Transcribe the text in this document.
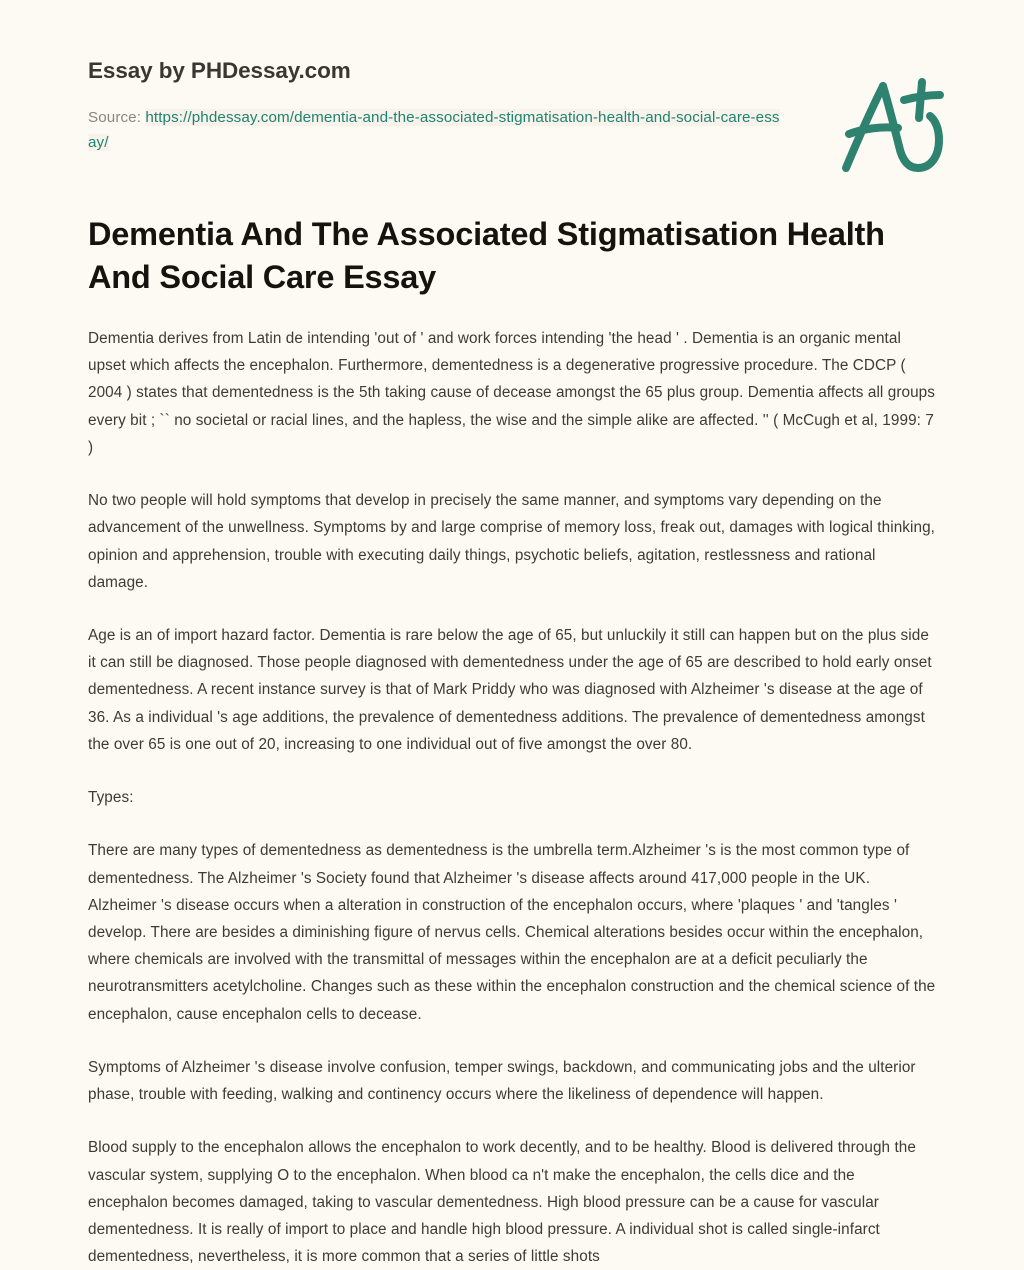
Essay by PHDessay.com
Source: https://phdessay.com/dementia-and-the-associated-stigmatisation-health-and-social-care-essay/
Dementia And The Associated Stigmatisation Health And Social Care Essay

Dementia derives from Latin de intending 'out of ' and work forces intending 'the head ' . Dementia is an organic mental upset which affects the encephalon. Furthermore, dementedness is a degenerative progressive procedure. The CDCP ( 2004 ) states that dementedness is the 5th taking cause of decease amongst the 65 plus group. Dementia affects all groups every bit ; `` no societal or racial lines, and the hapless, the wise and the simple alike are affected. '' ( McCugh et al, 1999: 7 )

No two people will hold symptoms that develop in precisely the same manner, and symptoms vary depending on the advancement of the unwellness. Symptoms by and large comprise of memory loss, freak out, damages with logical thinking, opinion and apprehension, trouble with executing daily things, psychotic beliefs, agitation, restlessness and rational damage.

Age is an of import hazard factor. Dementia is rare below the age of 65, but unluckily it still can happen but on the plus side it can still be diagnosed. Those people diagnosed with dementedness under the age of 65 are described to hold early onset dementedness. A recent instance survey is that of Mark Priddy who was diagnosed with Alzheimer 's disease at the age of 36. As a individual 's age additions, the prevalence of dementedness additions. The prevalence of dementedness amongst the over 65 is one out of 20, increasing to one individual out of five amongst the over 80.

Types:

There are many types of dementedness as dementedness is the umbrella term.Alzheimer 's is the most common type of dementedness. The Alzheimer 's Society found that Alzheimer 's disease affects around 417,000 people in the UK. Alzheimer 's disease occurs when a alteration in construction of the encephalon occurs, where 'plaques ' and 'tangles ' develop. There are besides a diminishing figure of nervus cells. Chemical alterations besides occur within the encephalon, where chemicals are involved with the transmittal of messages within the encephalon are at a deficit peculiarly the neurotransmitters acetylcholine. Changes such as these within the encephalon construction and the chemical science of the encephalon, cause encephalon cells to decease.

Symptoms of Alzheimer 's disease involve confusion, temper swings, backdown, and communicating jobs and the ulterior phase, trouble with feeding, walking and continency occurs where the likeliness of dependence will happen.

Blood supply to the encephalon allows the encephalon to work decently, and to be healthy. Blood is delivered through the vascular system, supplying O to the encephalon. When blood ca n't make the encephalon, the cells dice and the encephalon becomes damaged, taking to vascular dementedness. High blood pressure can be a cause for vascular dementedness. It is really of import to place and handle high blood pressure. A individual shot is called single-infarct dementedness, nevertheless, it is more common that a series of little shots
